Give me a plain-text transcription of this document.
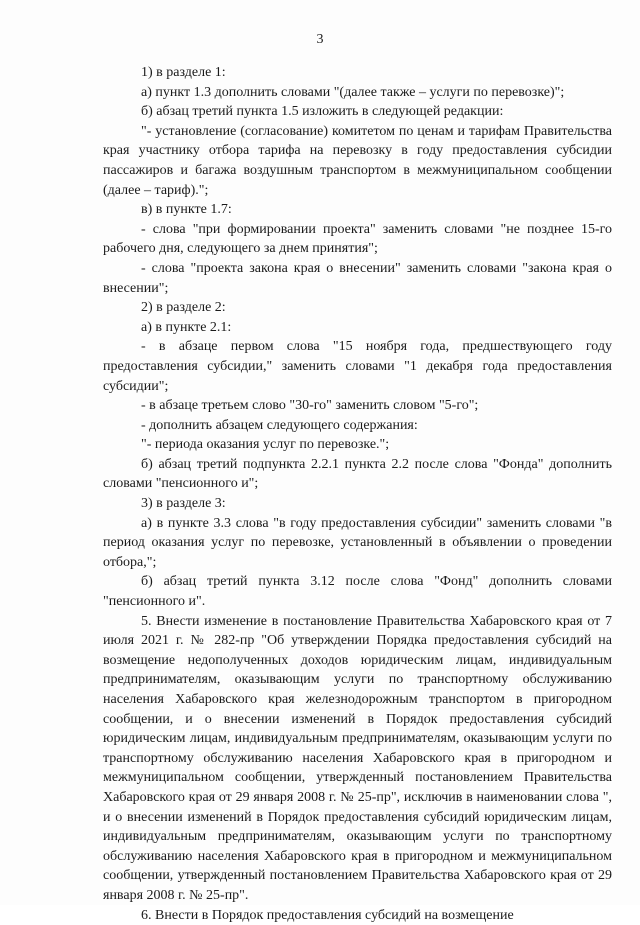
3

1) в разделе 1:

а) пункт 1.3 дополнить словами "(далее также – услуги по перевозке)";

б) абзац третий пункта 1.5 изложить в следующей редакции:

"- установление (согласование) комитетом по ценам и тарифам Правительства края участнику отбора тарифа на перевозку в году предоставления субсидии пассажиров и багажа воздушным транспортом в межмуниципальном сообщении (далее – тариф).";

в) в пункте 1.7:

- слова "при формировании проекта" заменить словами "не позднее 15-го рабочего дня, следующего за днем принятия";

- слова "проекта закона края о внесении" заменить словами "закона края о внесении";

2) в разделе 2:

а) в пункте 2.1:

- в абзаце первом слова "15 ноября года, предшествующего году предоставления субсидии," заменить словами "1 декабря года предоставления субсидии";

- в абзаце третьем слово "30-го" заменить словом "5-го";

- дополнить абзацем следующего содержания:

"- периода оказания услуг по перевозке.";

б) абзац третий подпункта 2.2.1 пункта 2.2 после слова "Фонда" дополнить словами "пенсионного и";

3) в разделе 3:

а) в пункте 3.3 слова "в году предоставления субсидии" заменить словами "в период оказания услуг по перевозке, установленный в объявлении о проведении отбора,";

б) абзац третий пункта 3.12 после слова "Фонд" дополнить словами "пенсионного и".

5. Внести изменение в постановление Правительства Хабаровского края от 7 июля 2021 г. № 282-пр "Об утверждении Порядка предоставления субсидий на возмещение недополученных доходов юридическим лицам, индивидуальным предпринимателям, оказывающим услуги по транспортному обслуживанию населения Хабаровского края железнодорожным транспортом в пригородном сообщении, и о внесении изменений в Порядок предоставления субсидий юридическим лицам, индивидуальным предпринимателям, оказывающим услуги по транспортному обслуживанию населения Хабаровского края в пригородном и межмуниципальном сообщении, утвержденный постановлением Правительства Хабаровского края от 29 января 2008 г. № 25-пр", исключив в наименовании слова ", и о внесении изменений в Порядок предоставления субсидий юридическим лицам, индивидуальным предпринимателям, оказывающим услуги по транспортному обслуживанию населения Хабаровского края в пригородном и межмуниципальном сообщении, утвержденный постановлением Правительства Хабаровского края от 29 января 2008 г. № 25-пр".

6. Внести в Порядок предоставления субсидий на возмещение
